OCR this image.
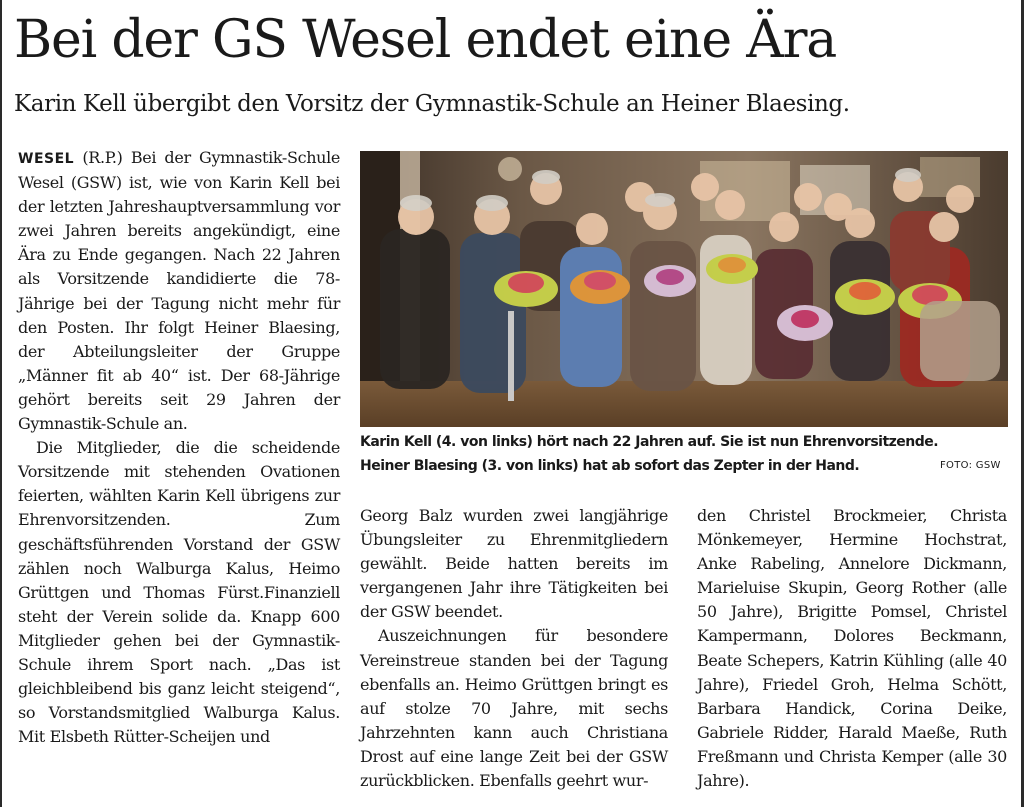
Bei der GS Wesel endet eine Ära
Karin Kell übergibt den Vorsitz der Gymnastik-Schule an Heiner Blaesing.

WESEL (R.P.) Bei der Gymnastik-Schule Wesel (GSW) ist, wie von Karin Kell bei der letzten Jahreshauptversammlung vor zwei Jahren bereits angekündigt, eine Ära zu Ende gegangen. Nach 22 Jahren als Vorsitzende kandidierte die 78-Jährige bei der Tagung nicht mehr für den Posten. Ihr folgt Heiner Blaesing, der Abteilungsleiter der Gruppe „Männer fit ab 40“ ist. Der 68-Jährige gehört bereits seit 29 Jahren der Gymnastik-Schule an.

Die Mitglieder, die die scheidende Vorsitzende mit stehenden Ovationen feierten, wählten Karin Kell übrigens zur Ehrenvorsitzenden. Zum geschäftsführenden Vorstand der GSW zählen noch Walburga Kalus, Heimo Grüttgen und Thomas Fürst.Finanziell steht der Verein solide da. Knapp 600 Mitglieder gehen bei der Gymnastik-Schule ihrem Sport nach. „Das ist gleichbleibend bis ganz leicht steigend“, so Vorstandsmitglied Walburga Kalus. Mit Elsbeth Rütter-Scheijen und

Karin Kell (4. von links) hört nach 22 Jahren auf. Sie ist nun Ehrenvorsitzende.
Heiner Blaesing (3. von links) hat ab sofort das Zepter in der Hand.	FOTO: GSW

Georg Balz wurden zwei langjährige Übungsleiter zu Ehrenmitgliedern gewählt. Beide hatten bereits im vergangenen Jahr ihre Tätigkeiten bei der GSW beendet.

Auszeichnungen für besondere Vereinstreue standen bei der Tagung ebenfalls an. Heimo Grüttgen bringt es auf stolze 70 Jahre, mit sechs Jahrzehnten kann auch Christiana Drost auf eine lange Zeit bei der GSW zurückblicken. Ebenfalls geehrt wur-

den Christel Brockmeier, Christa Mönkemeyer, Hermine Hochstrat, Anke Rabeling, Annelore Dickmann, Marieluise Skupin, Georg Rother (alle 50 Jahre), Brigitte Pomsel, Christel Kampermann, Dolores Beckmann, Beate Schepers, Katrin Kühling (alle 40 Jahre), Friedel Groh, Helma Schött, Barbara Handick, Corina Deike, Gabriele Ridder, Harald Maeße, Ruth Freßmann und Christa Kemper (alle 30 Jahre).
